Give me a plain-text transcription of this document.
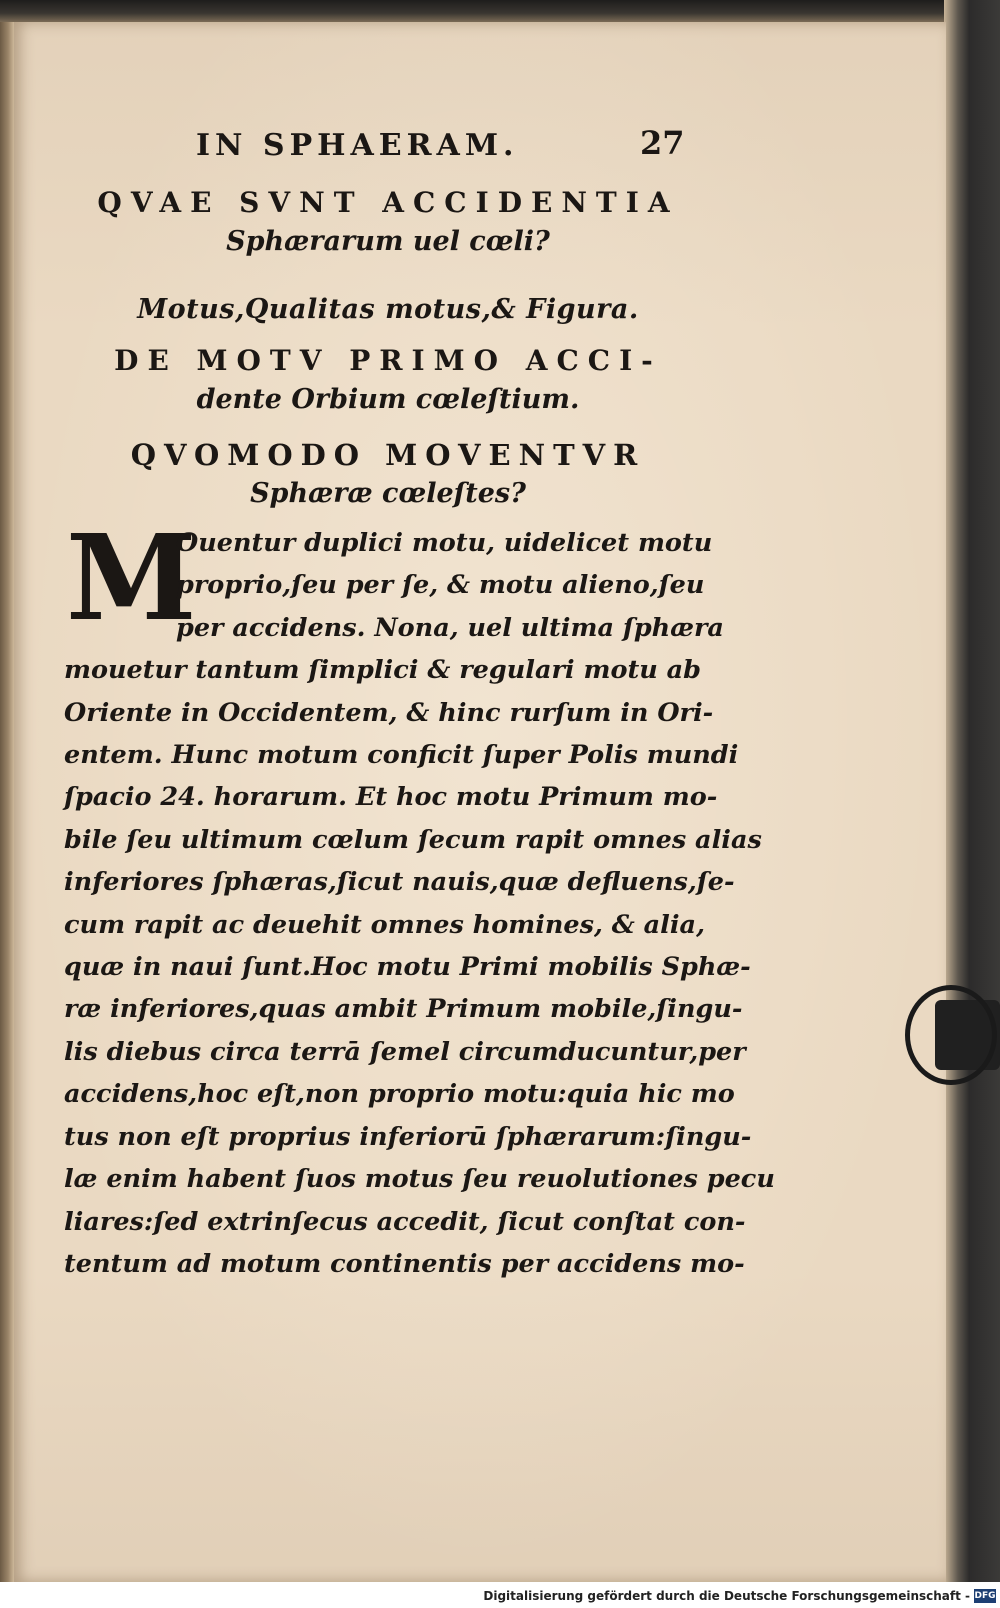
IN SPHAERAM.	27
QVAE SVNT ACCIDENTIA
Sphærarum uel cœli?
Motus,Qualitas motus,& Figura.
DE MOTV PRIMO ACCI-
dente Orbium cœleſtium.
QVOMODO MOVENTVR
Sphæræ cœleſtes?
M
Ouentur duplici motu, uidelicet motu
proprio,ſeu per ſe, & motu alieno,ſeu
per accidens. Nona, uel ultima ſphæra
mouetur tantum ſimplici & regulari motu ab
Oriente in Occidentem, & hinc rurſum in Ori-
entem. Hunc motum conficit ſuper Polis mundi
ſpacio 24. horarum. Et hoc motu Primum mo-
bile ſeu ultimum cœlum ſecum rapit omnes alias
inferiores ſphæras,ſicut nauis,quæ defluens,ſe-
cum rapit ac deuehit omnes homines, & alia,
quæ in naui ſunt.Hoc motu Primi mobilis Sphæ-
ræ inferiores,quas ambit Primum mobile,ſingu-
lis diebus circa terrā ſemel circumducuntur,per
accidens,hoc eſt,non proprio motu:quia hic mo
tus non eſt proprius inferiorū ſphærarum:ſingu-
læ enim habent ſuos motus ſeu reuolutiones pecu
liares:ſed extrinſecus accedit, ſicut conſtat con-
tentum ad motum continentis per accidens mo-
Digitalisierung gefördert durch die Deutsche Forschungsgemeinschaft - DFG
